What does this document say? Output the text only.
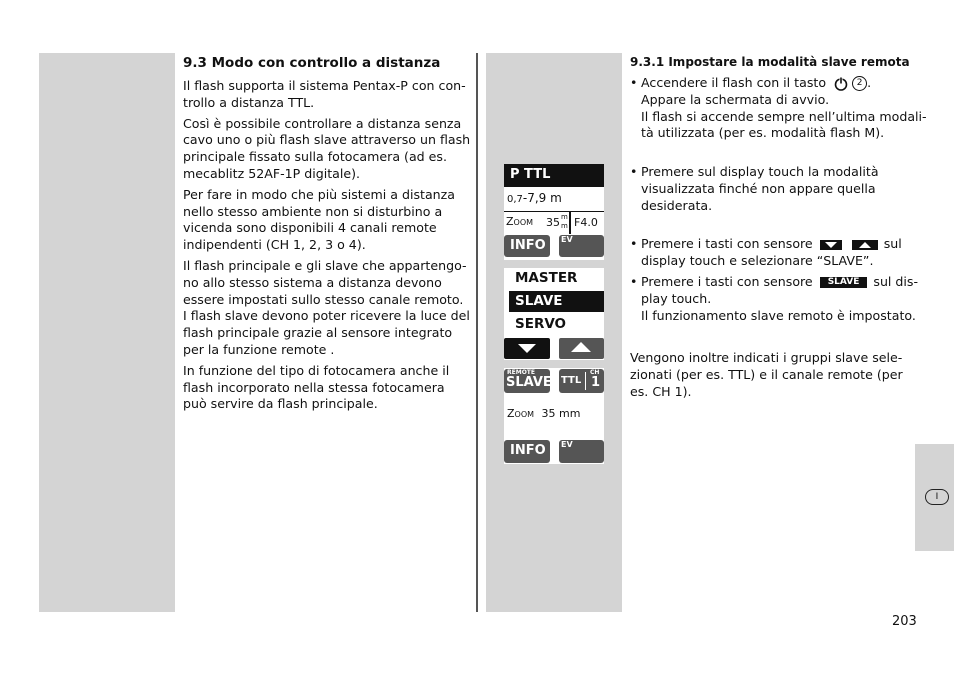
9.3 Modo con controllo a distanza

Il flash supporta il sistema Pentax-P con con-
trollo a distanza TTL.

Così è possibile controllare a distanza senza
cavo uno o più flash slave attraverso un flash
principale fissato sulla fotocamera (ad es.
mecablitz 52AF-1P digitale).

Per fare in modo che più sistemi a distanza
nello stesso ambiente non si disturbino a
vicenda sono disponibili 4 canali remote
indipendenti (CH 1, 2, 3 o 4).

Il flash principale e gli slave che appartengo-
no allo stesso sistema a distanza devono
essere impostati sullo stesso canale remoto.
I flash slave devono poter ricevere la luce del
flash principale grazie al sensore integrato
per la funzione remote .

In funzione del tipo di fotocamera anche il
flash incorporato nella stessa fotocamera
può servire da flash principale.

P TTL
0,7-7,9 m
Zoom 35 m
m F4.0
INFO EV
MASTER
SLAVE
SERVO
REMOTE
SLAVE TTL
CH
1
Zoom 35 mm
INFO EV
9.3.1 Impostare la modalità slave remota
• Accendere il flash con il tasto	2 .
Appare la schermata di avvio.
Il flash si accende sempre nell’ultima modali-
tà utilizzata (per es. modalità flash M).
• Premere sul display touch la modalità
visualizzata finché non appare quella
desiderata.
• Premere i tasti con sensore	sul
display touch e selezionare “SLAVE”.
• Premere i tasti con sensore SLAVE sul dis-
play touch.
Il funzionamento slave remoto è impostato.
Vengono inoltre indicati i gruppi slave sele-
zionati (per es. TTL) e il canale remote (per
es. CH 1).
I
203
